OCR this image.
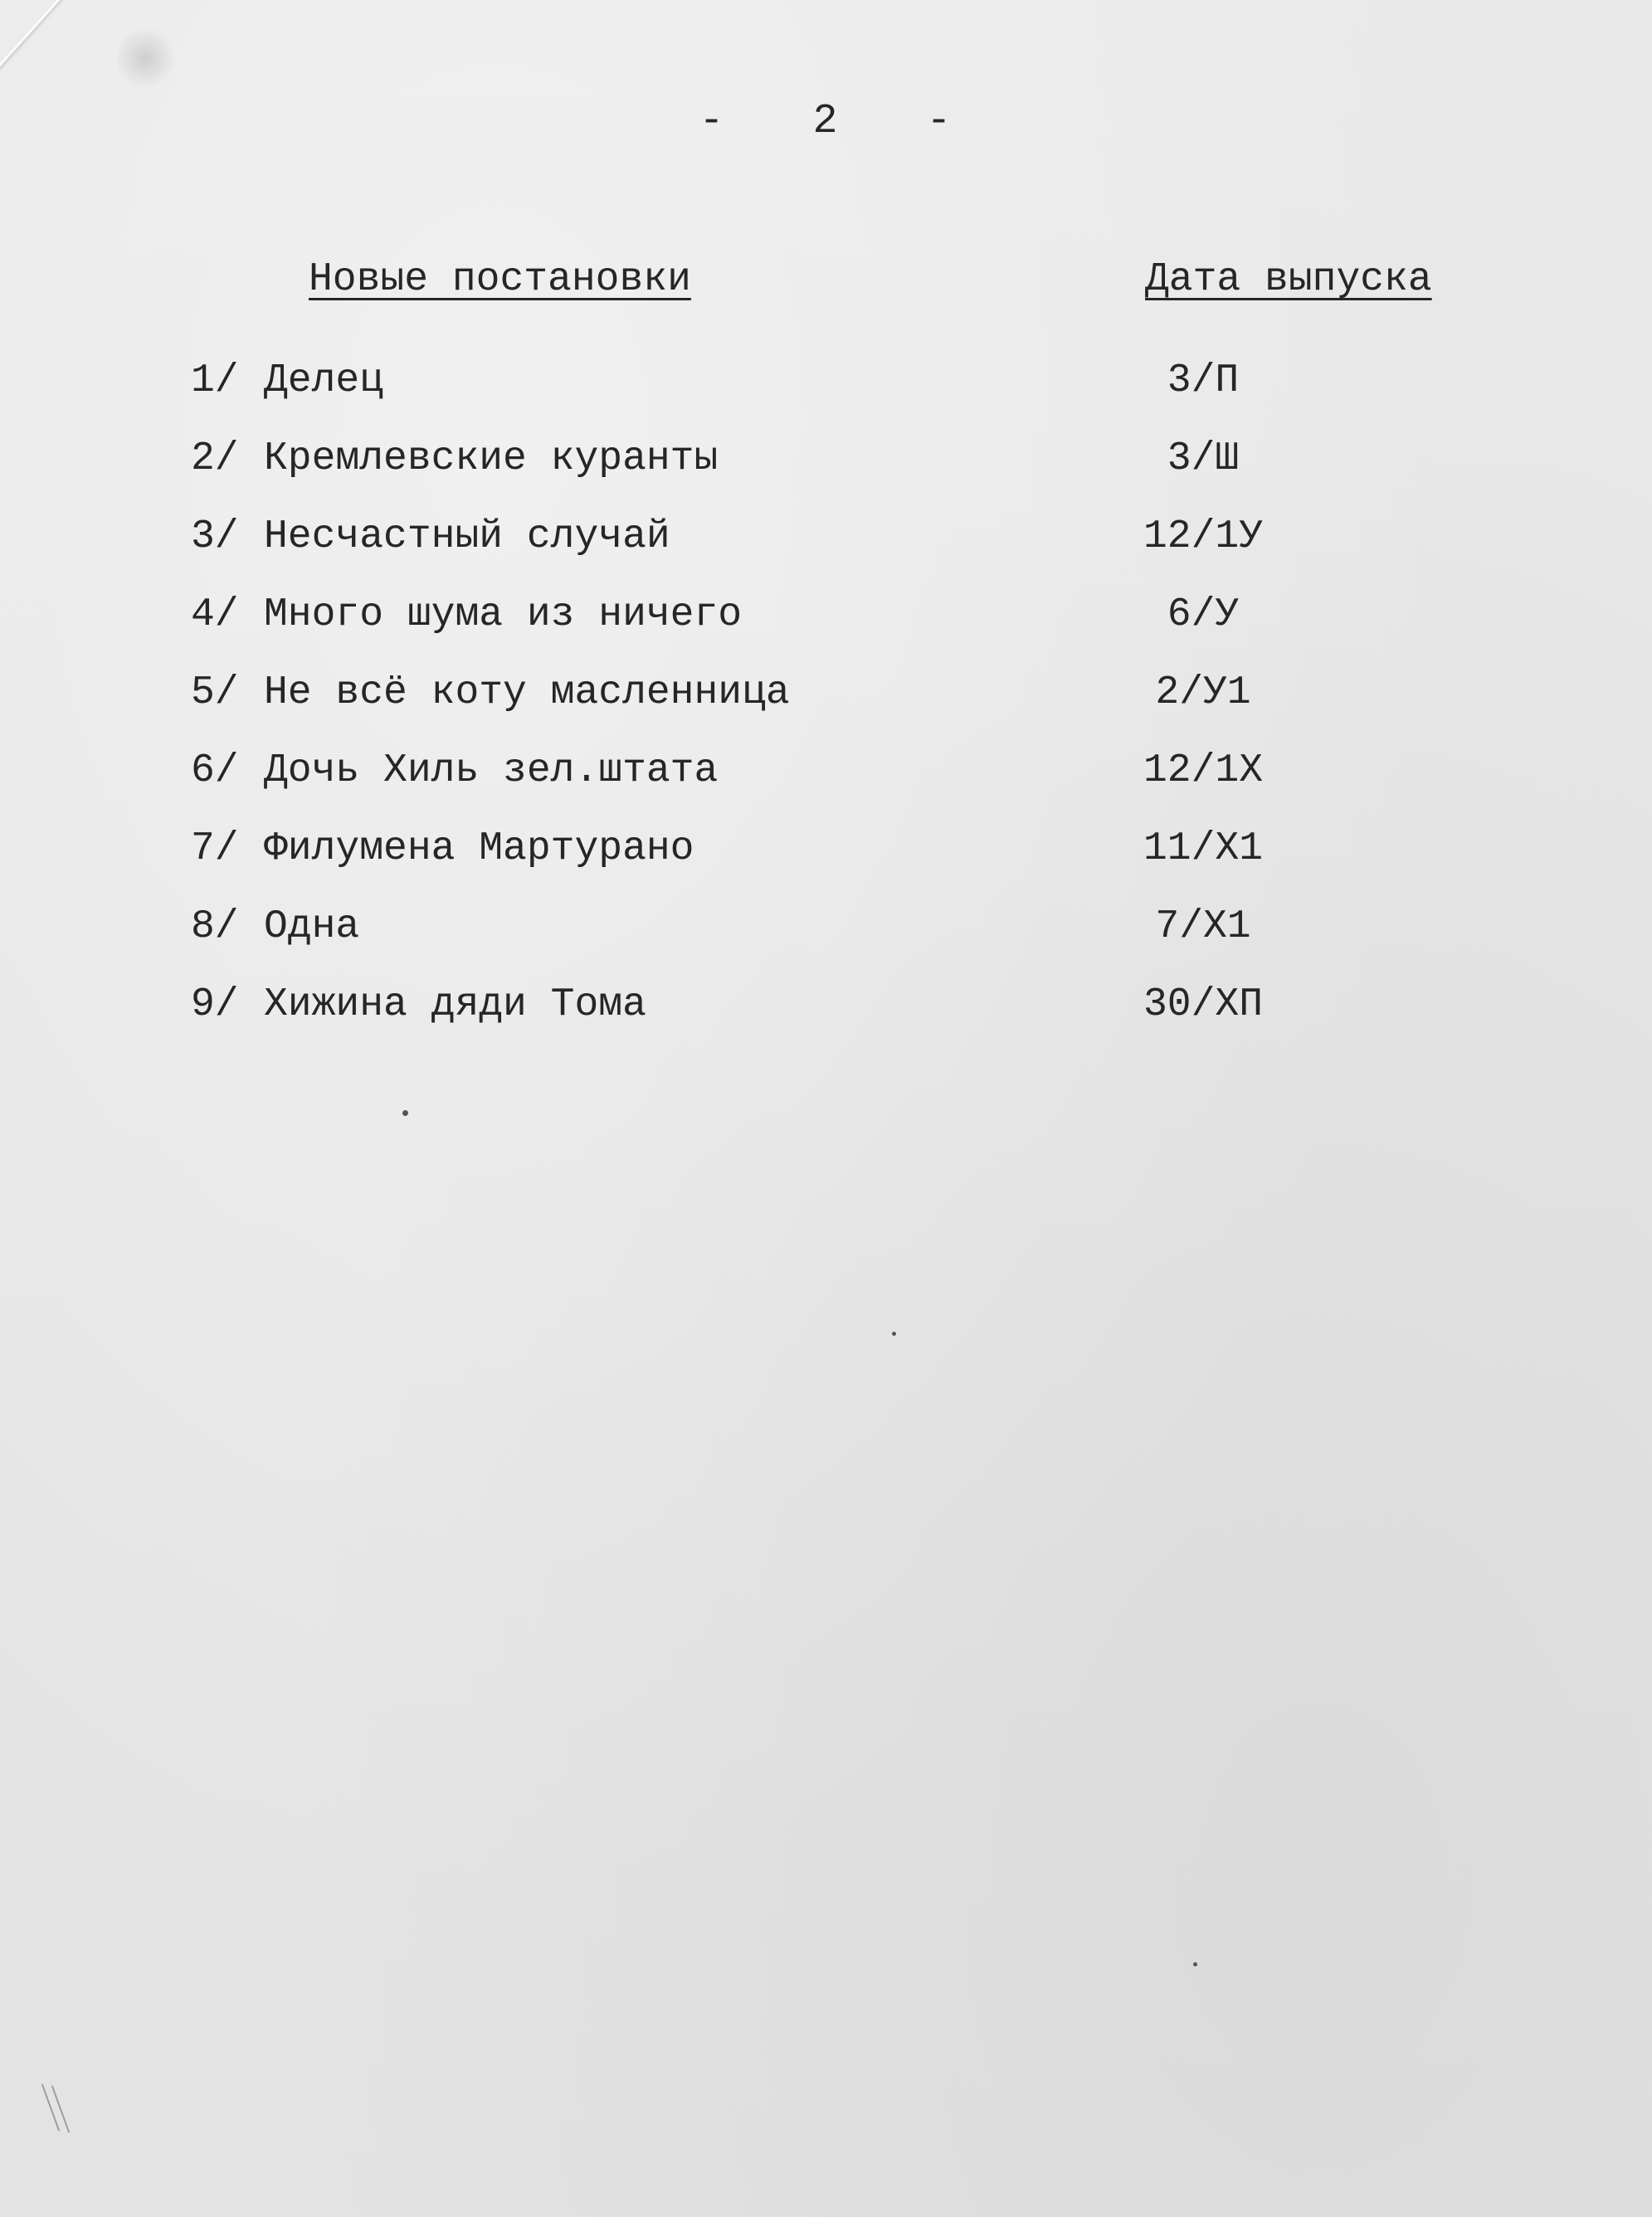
- 2 -
Новые постановки	Дата выпуска
1/ Делец	3/П
2/ Кремлевские куранты	3/Ш
3/ Несчастный случай	12/1У
4/ Много шума из ничего	6/У
5/ Не всё коту масленница	2/У1
6/ Дочь Хиль зел.штата	12/1Х
7/ Филумена Мартурано	11/Х1
8/ Одна	7/Х1
9/ Хижина дяди Тома	30/ХП
